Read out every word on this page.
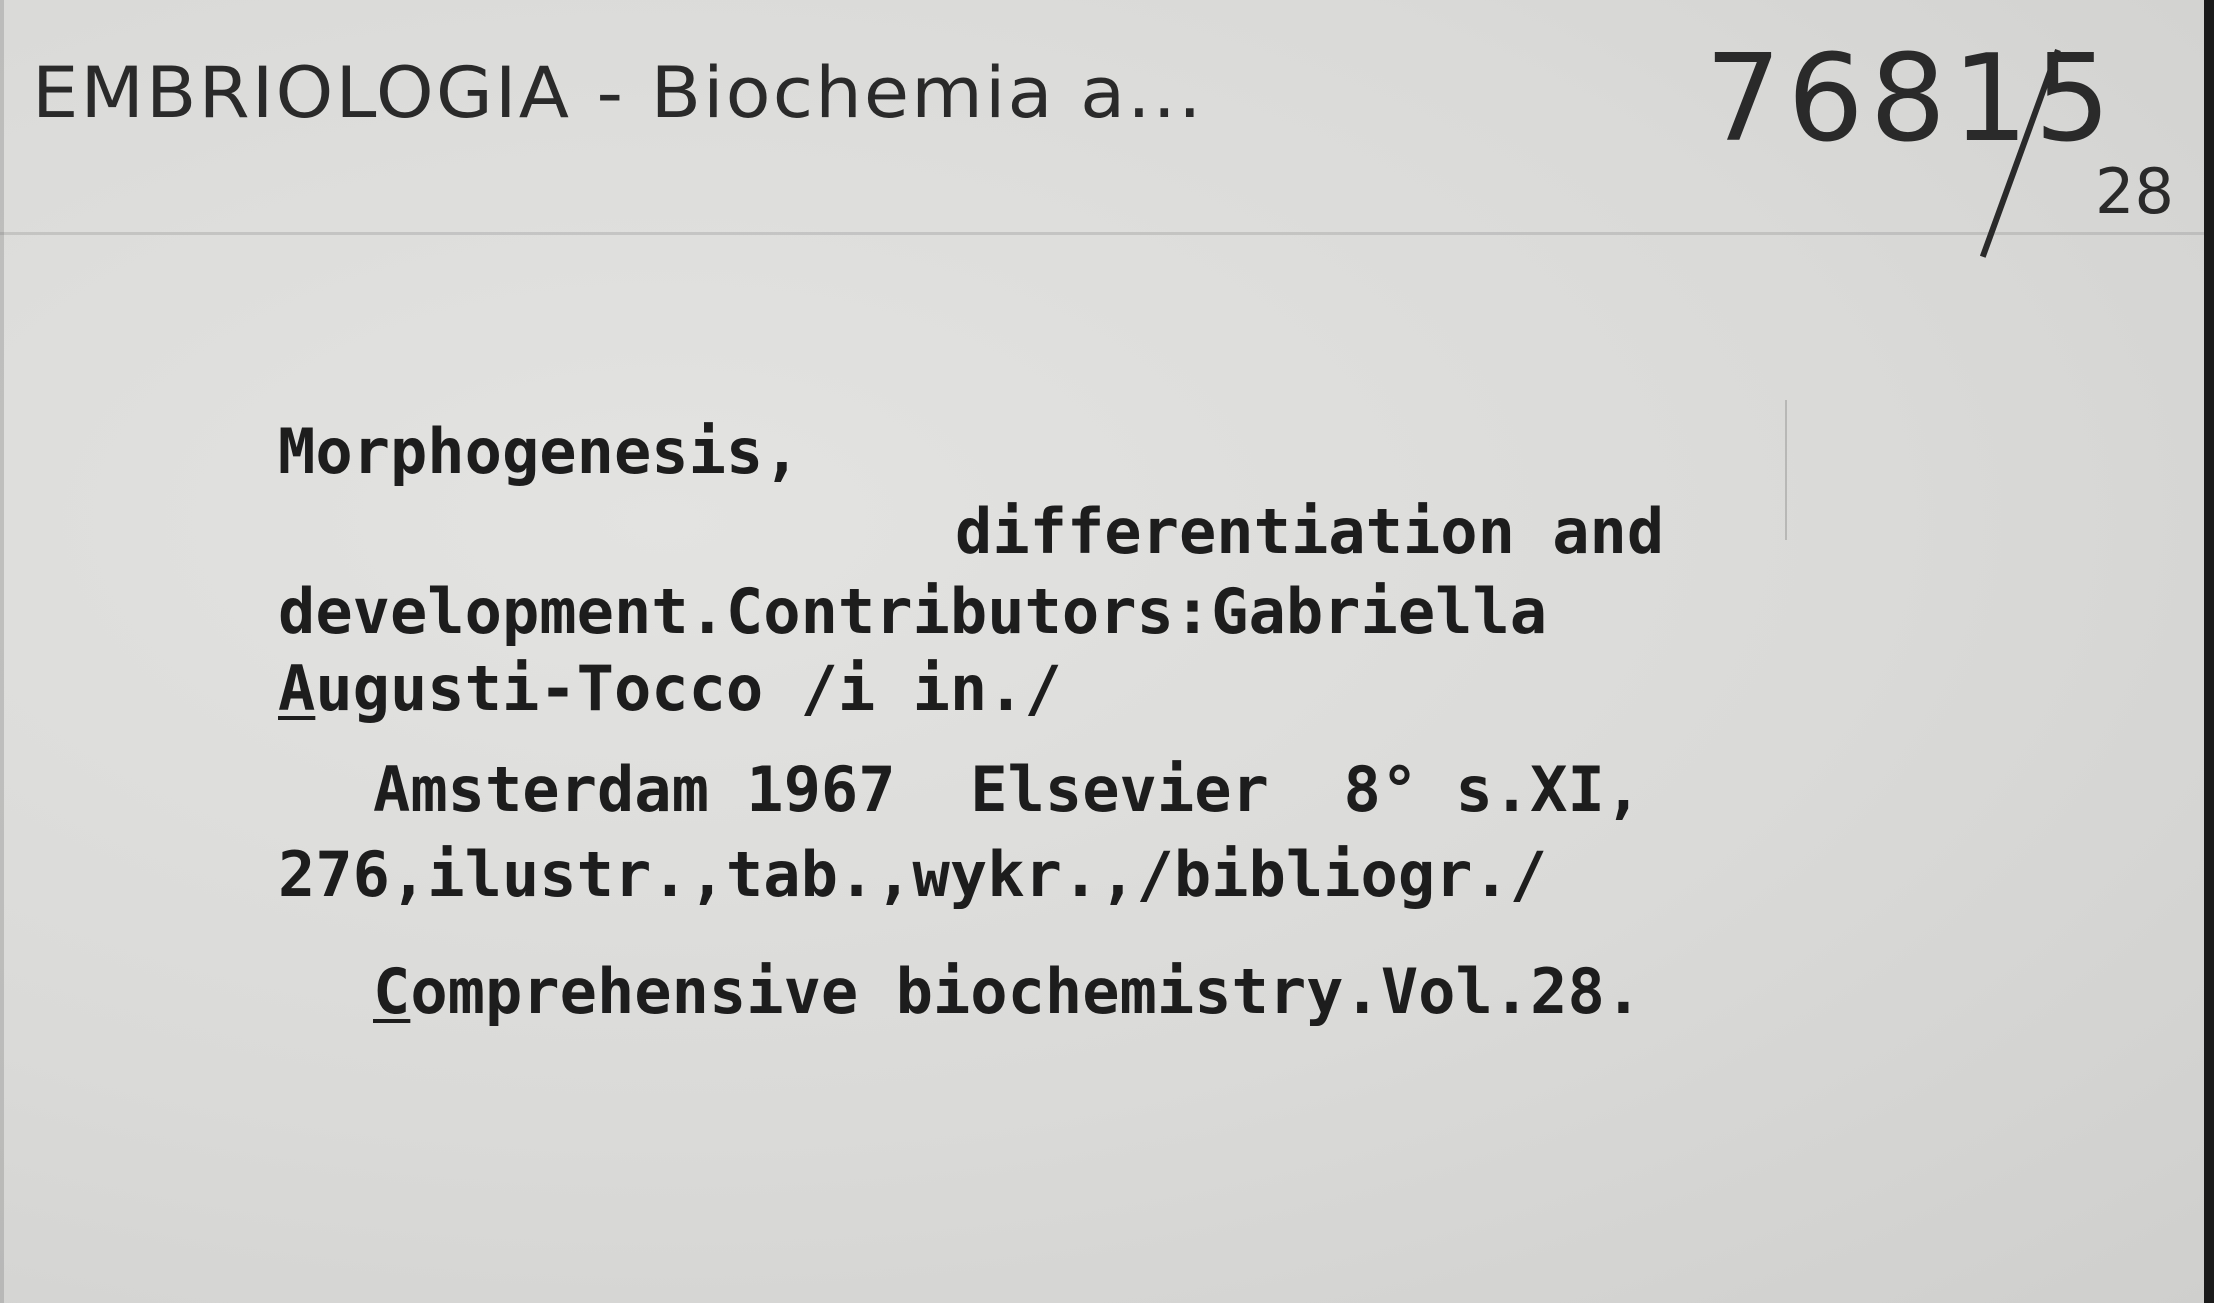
EMBRIOLOGIA - Biochemia a...	76815
28
Morphogenesis,
differentiation and
development.Contributors:Gabriella
Augusti-Tocco /i in./
Amsterdam 1967  Elsevier  8° s.XI,
276,ilustr.,tab.,wykr.,/bibliogr./
Comprehensive biochemistry.Vol.28.
